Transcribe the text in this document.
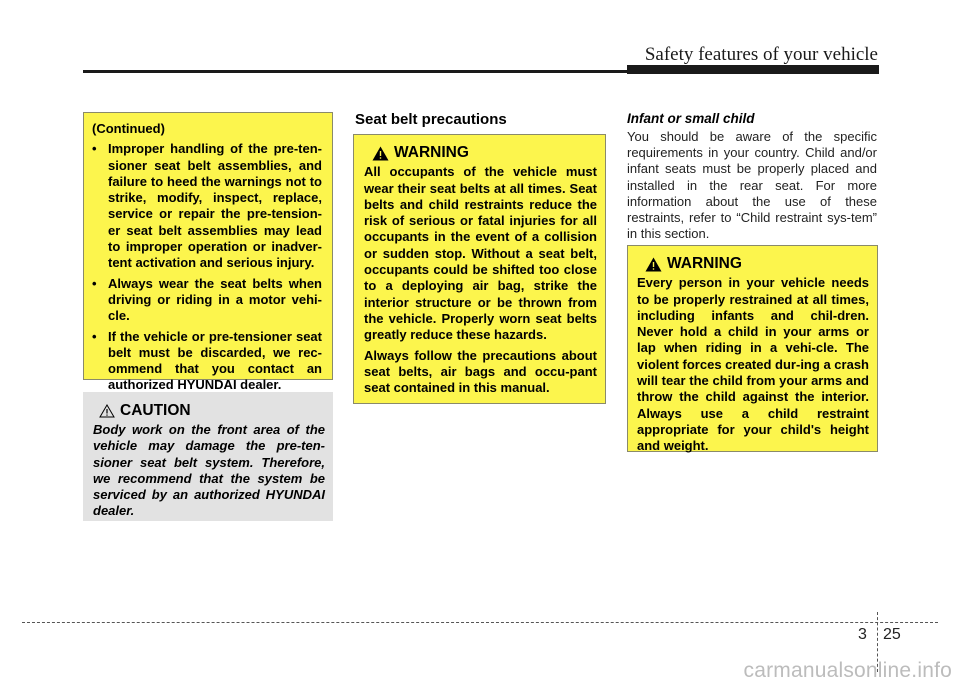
Safety features of your vehicle
(Continued)
• Improper handling of the pre-ten-sioner seat belt assemblies, and failure to heed the warnings not to strike, modify, inspect, replace, service or repair the pre-tension-er seat belt assemblies may lead to improper operation or inadver-tent activation and serious injury.
• Always wear the seat belts when driving or riding in a motor vehi-cle.
• If the vehicle or pre-tensioner seat belt must be discarded, we rec-ommend that you contact an authorized HYUNDAI dealer.
CAUTION
Body work on the front area of the vehicle may damage the pre-ten-sioner seat belt system. Therefore, we recommend that the system be serviced by an authorized HYUNDAI dealer.
Seat belt precautions
WARNING

All occupants of the vehicle must wear their seat belts at all times. Seat belts and child restraints reduce the risk of serious or fatal injuries for all occupants in the event of a collision or sudden stop. Without a seat belt, occupants could be shifted too close to a deploying air bag, strike the interior structure or be thrown from the vehicle. Properly worn seat belts greatly reduce these hazards.

Always follow the precautions about seat belts, air bags and occu-pant seat contained in this manual.

Infant or small child
You should be aware of the specific requirements in your country. Child and/or infant seats must be properly placed and installed in the rear seat. For more information about the use of these restraints, refer to “Child restraint sys-tem” in this section.
WARNING

Every person in your vehicle needs to be properly restrained at all times, including infants and chil-dren. Never hold a child in your arms or lap when riding in a vehi-cle. The violent forces created dur-ing a crash will tear the child from your arms and throw the child against the interior. Always use a child restraint appropriate for your child's height and weight.

3 25
carmanualsonline.info
